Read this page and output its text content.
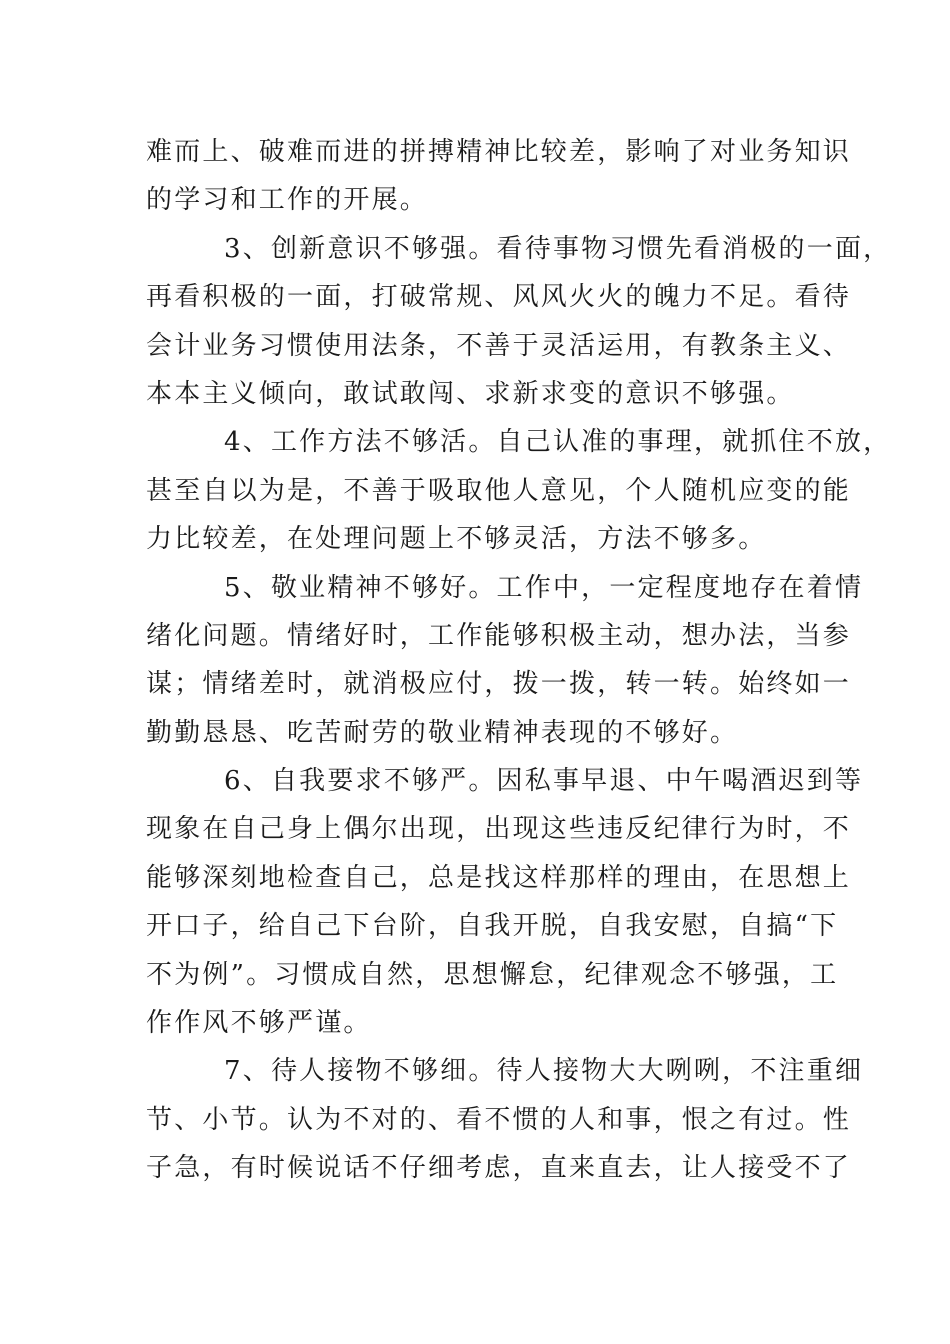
难而上、破难而进的拼搏精神比较差，影响了对业务知识
的学习和工作的开展。
3、创新意识不够强。看待事物习惯先看消极的一面，
再看积极的一面，打破常规、风风火火的魄力不足。看待
会计业务习惯使用法条，不善于灵活运用，有教条主义、
本本主义倾向，敢试敢闯、求新求变的意识不够强。
4、工作方法不够活。自己认准的事理，就抓住不放，
甚至自以为是，不善于吸取他人意见，个人随机应变的能
力比较差，在处理问题上不够灵活，方法不够多。
5、敬业精神不够好。工作中，一定程度地存在着情
绪化问题。情绪好时，工作能够积极主动，想办法，当参
谋；情绪差时，就消极应付，拨一拨，转一转。始终如一
勤勤恳恳、吃苦耐劳的敬业精神表现的不够好。
6、自我要求不够严。因私事早退、中午喝酒迟到等
现象在自己身上偶尔出现，出现这些违反纪律行为时，不
能够深刻地检查自己，总是找这样那样的理由，在思想上
开口子，给自己下台阶，自我开脱，自我安慰，自搞“下
不为例”。习惯成自然，思想懈怠，纪律观念不够强，工
作作风不够严谨。
7、待人接物不够细。待人接物大大咧咧，不注重细
节、小节。认为不对的、看不惯的人和事，恨之有过。性
子急，有时候说话不仔细考虑，直来直去，让人接受不了
